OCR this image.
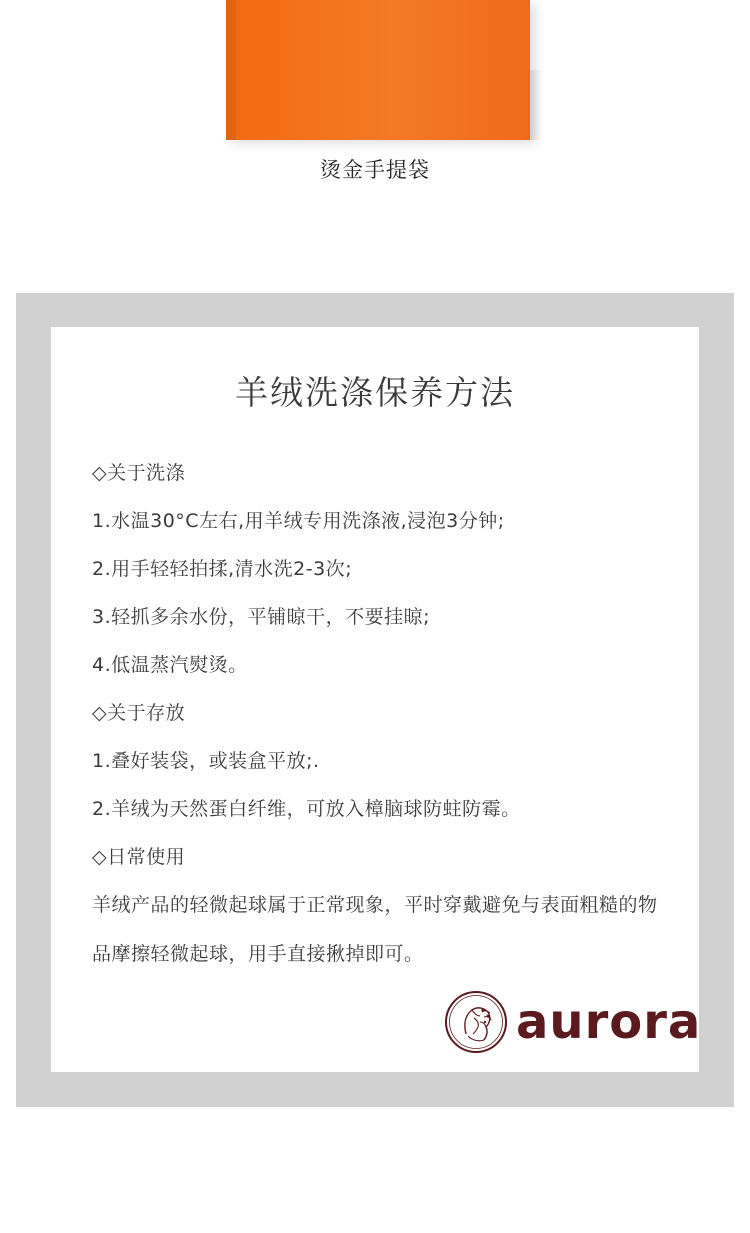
烫金手提袋
羊绒洗涤保养方法
◇关于洗涤
1.水温30°C左右,用羊绒专用洗涤液,浸泡3分钟;
2.用手轻轻拍揉,清水洗2-3次;
3.轻抓多余水份，平铺晾干，不要挂晾;
4.低温蒸汽熨烫。
◇关于存放
1.叠好装袋，或装盒平放;.
2.羊绒为天然蛋白纤维，可放入樟脑球防蛀防霉。
◇日常使用
羊绒产品的轻微起球属于正常现象，平时穿戴避免与表面粗糙的物品摩擦轻微起球，用手直接揪掉即可。
aurora
